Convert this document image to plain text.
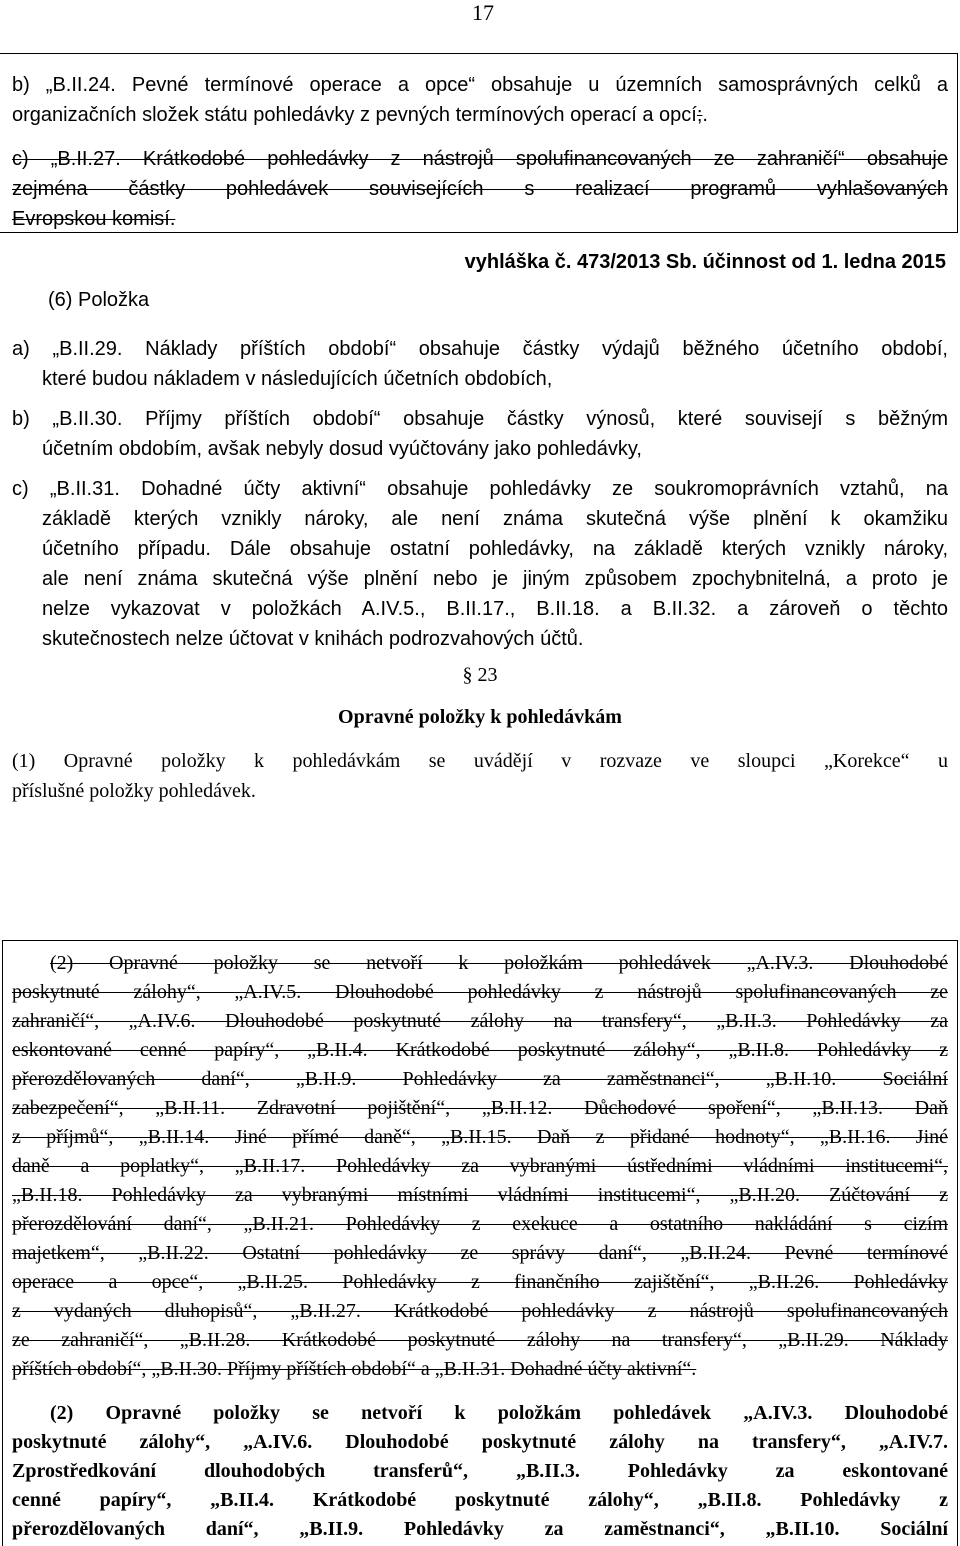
17
b) „B.II.24. Pevné termínové operace a opce“ obsahuje u územních samosprávných celků a
organizačních složek státu pohledávky z pevných termínových operací a opcí;.
c) „B.II.27. Krátkodobé pohledávky z nástrojů spolufinancovaných ze zahraničí“ obsahuje
zejména částky pohledávek souvisejících s realizací programů vyhlašovaných
Evropskou komisí.
vyhláška č. 473/2013 Sb. účinnost od 1. ledna 2015
(6) Položka
a) „B.II.29. Náklady příštích období“ obsahuje částky výdajů běžného účetního období,
které budou nákladem v následujících účetních obdobích,
b) „B.II.30. Příjmy příštích období“ obsahuje částky výnosů, které souvisejí s běžným
účetním obdobím, avšak nebyly dosud vyúčtovány jako pohledávky,
c) „B.II.31. Dohadné účty aktivní“ obsahuje pohledávky ze soukromoprávních vztahů, na
základě kterých vznikly nároky, ale není známa skutečná výše plnění k okamžiku
účetního případu. Dále obsahuje ostatní pohledávky, na základě kterých vznikly nároky,
ale není známa skutečná výše plnění nebo je jiným způsobem zpochybnitelná, a proto je
nelze vykazovat v položkách A.IV.5., B.II.17., B.II.18. a B.II.32. a zároveň o těchto
skutečnostech nelze účtovat v knihách podrozvahových účtů.
§ 23
Opravné položky k pohledávkám
(1) Opravné položky k pohledávkám se uvádějí v rozvaze ve sloupci „Korekce“ u
příslušné položky pohledávek.
(2) Opravné položky se netvoří k položkám pohledávek „A.IV.3. Dlouhodobé
poskytnuté zálohy“, „A.IV.5. Dlouhodobé pohledávky z nástrojů spolufinancovaných ze
zahraničí“, „A.IV.6. Dlouhodobé poskytnuté zálohy na transfery“, „B.II.3. Pohledávky za
eskontované cenné papíry“, „B.II.4. Krátkodobé poskytnuté zálohy“, „B.II.8. Pohledávky z
přerozdělovaných daní“, „B.II.9. Pohledávky za zaměstnanci“, „B.II.10. Sociální
zabezpečení“, „B.II.11. Zdravotní pojištění“, „B.II.12. Důchodové spoření“, „B.II.13. Daň
z příjmů“, „B.II.14. Jiné přímé daně“, „B.II.15. Daň z přidané hodnoty“, „B.II.16. Jiné
daně a poplatky“, „B.II.17. Pohledávky za vybranými ústředními vládními institucemi“,
„B.II.18. Pohledávky za vybranými místními vládními institucemi“, „B.II.20. Zúčtování z
přerozdělování daní“, „B.II.21. Pohledávky z exekuce a ostatního nakládání s cizím
majetkem“, „B.II.22. Ostatní pohledávky ze správy daní“, „B.II.24. Pevné termínové
operace a opce“, „B.II.25. Pohledávky z finančního zajištění“, „B.II.26. Pohledávky
z vydaných dluhopisů“, „B.II.27. Krátkodobé pohledávky z nástrojů spolufinancovaných
ze zahraničí“, „B.II.28. Krátkodobé poskytnuté zálohy na transfery“, „B.II.29. Náklady
příštích období“, „B.II.30. Příjmy příštích období“ a „B.II.31. Dohadné účty aktivní“.
(2) Opravné položky se netvoří k položkám pohledávek „A.IV.3. Dlouhodobé
poskytnuté zálohy“, „A.IV.6. Dlouhodobé poskytnuté zálohy na transfery“, „A.IV.7.
Zprostředkování dlouhodobých transferů“, „B.II.3. Pohledávky za eskontované
cenné papíry“, „B.II.4. Krátkodobé poskytnuté zálohy“, „B.II.8. Pohledávky z
přerozdělovaných daní“, „B.II.9. Pohledávky za zaměstnanci“, „B.II.10. Sociální
